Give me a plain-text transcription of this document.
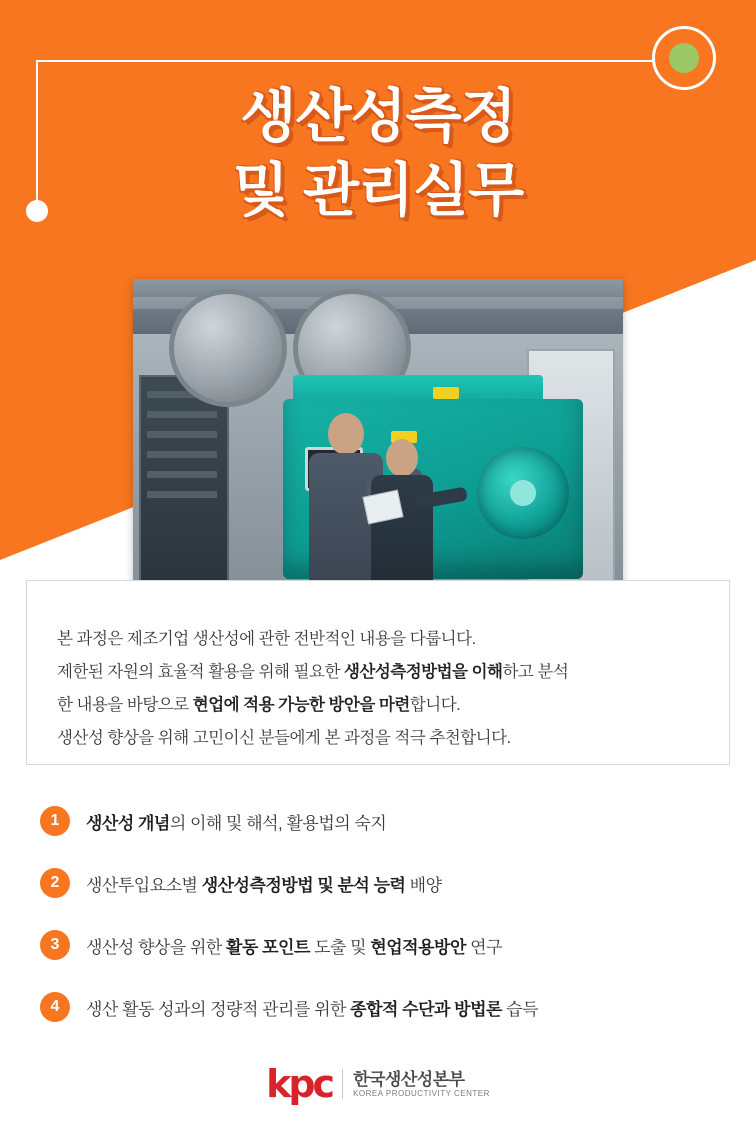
생산성측정
및 관리실무
본 과정은 제조기업 생산성에 관한 전반적인 내용을 다룹니다.
제한된 자원의 효율적 활용을 위해 필요한 생산성측정방법을 이해하고 분석
한 내용을 바탕으로 현업에 적용 가능한 방안을 마련합니다.
생산성 향상을 위해 고민이신 분들에게 본 과정을 적극 추천합니다.
1	생산성 개념의 이해 및 해석, 활용법의 숙지
2	생산투입요소별 생산성측정방법 및 분석 능력 배양
3	생산성 향상을 위한 활동 포인트 도출 및 현업적용방안 연구
4	생산 활동 성과의 정량적 관리를 위한 종합적 수단과 방법론 습득
kpc 한국생산성본부
KOREA PRODUCTIVITY CENTER
